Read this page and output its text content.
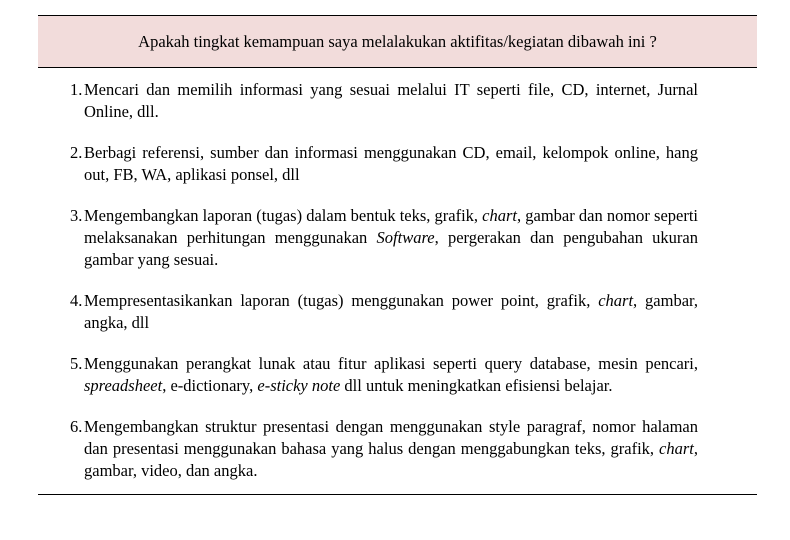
Apakah tingkat kemampuan saya melalakukan aktifitas/kegiatan dibawah ini ?
1. Mencari dan memilih informasi yang sesuai melalui IT seperti file, CD, internet, Jurnal Online, dll.
2. Berbagi referensi, sumber dan informasi menggunakan CD, email, kelompok online, hang out, FB, WA, aplikasi ponsel, dll
3. Mengembangkan laporan (tugas) dalam bentuk teks, grafik, chart, gambar dan nomor seperti melaksanakan perhitungan menggunakan Software, pergerakan dan pengubahan ukuran gambar yang sesuai.
4. Mempresentasikankan laporan (tugas) menggunakan power point, grafik, chart, gambar, angka, dll
5. Menggunakan perangkat lunak atau fitur aplikasi seperti query database, mesin pencari, spreadsheet, e-dictionary, e-sticky note dll untuk meningkatkan efisiensi belajar.
6. Mengembangkan struktur presentasi dengan menggunakan style paragraf, nomor halaman dan presentasi menggunakan bahasa yang halus dengan menggabungkan teks, grafik, chart, gambar, video, dan angka.
